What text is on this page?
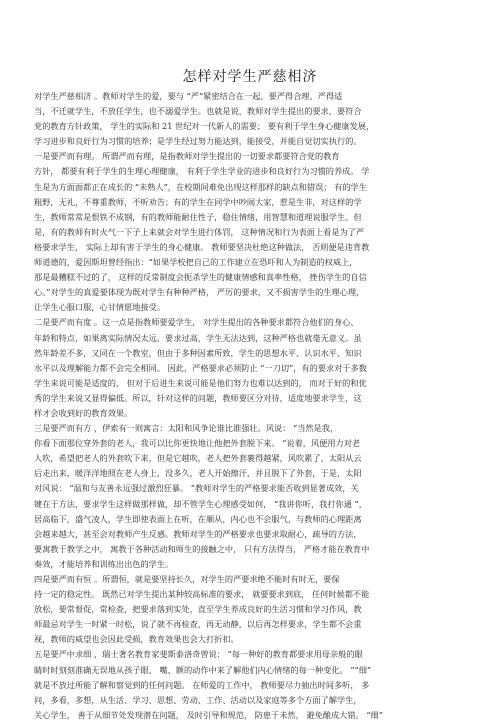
怎样对学生严慈相济
对学生严慈相济 。教师对学生的爱，要与 “严”紧密结合在一起，要严得合理，严得适
当，不迁就学生，不放任学生，也不溺爱学生。也就是说，教师对学生提出的要求，要符合
党的教育方针政策， 学生的实际和 21 世纪对一代新人的需要； 要有利于学生身心健康发展，
学习进步和良好行为习惯的培养；是学生经过努力能达到，能接受，并能自觉切实执行的。
一是要严而有理。 所谓严而有理，是指教师对学生提出的一切要求都要符合党的教育
方针， 都要有利于学生的生理心理健康， 有利于学生学业的进步和良好行为习惯的养成。 学
生是为方面面都正在成长的 “未熟人”，在校期间难免出现这样那样的缺点和错误； 有的学生
粗野，无礼，不尊重教师，不听劝告；有的学生在同学中吵闹大家，惹是生非，对这样的学
生，教师常常是恨铁不成钢，有的教师能耐住性子，稳住情绪，用智慧和道理说服学生。但
是，有的教师有时火气一下子上来就会对学生进行体罚， 这种情况和行为表面上看是为了严
格要求学生， 实际上却有害于学生的身心健康。 教师要坚决杜绝这种做法， 否则便是违背教
师道德的，爱因斯坦曾经指出：“如果学校把自己的工作建立在恐吓和人为制造的权威上，
那是最糟糕不过的了， 这样的反常制度会扼杀学生的健康情感和真率性格， 挫伤学生的自信
心。”对学生的真爱要体现为既对学生有种种严格， 严厉的要求，又不损害学生的生理心理，
让学生心服口服，心甘情愿地接受。
二是要严而有度 。这一点是指教师要爱学生， 对学生提出的各种要求都符合他们的身心、
年龄和特点，如果离实际情况太远，要求过高，学生无法达到，这种严格也就毫无意义。虽
然年龄差不多，又同在一个教室，但由于多种因素所致，学生的思想水平、认识水平、知识
水平以及理解能力都不会完全相同。 因此，严格要求必须防止 “一刀切”，有的要求对于多数
学生来说可能是适度的， 但对于后进生来说可能是他们努力也难以达到的， 而对于好的和优
秀的学生来说又显得偏低。所以，针对这样的问题，教师要区分对待，适度地要求学生，这
样才会收到好的教育效果。
三是要严而有方 ，伊索有一则寓言：太阳和风争论谁比谁强壮。风说： “当然是我，
你看下面那位穿外套的老人，我可以比你更快地让他把外套脱下来。 ”说着，风便用力对老
人吹，希望把老人的外套吹下来，但是它越吹，老人把外套裹得越紧，风吹累了，太阳从云
后走出来，暖洋洋地照在老人身上，没多久，老人开始擦汗，并且脱下了外套，于是，太阳
对风说： “温和与友善永远强过激烈狂暴。 ”教师对学生的严格要求能否收到显著成效，关
键在于方法，要求学生这样做那样做，却不管学生心理感受如何， “我讲你听，我打你通 ”，
居高临下，盛气凌人，学生即使表面上在听，在顺从，内心也不会服气，与教师的心理距离
会越来越大，甚至会对教师产生反感。教师对学生的严格要求也要求取耐心，疏导的方法，
要寓教于教学之中， 寓教于各种活动和师生的接触之中， 只有方法得当， 严格才能在教育中
奏效，才能培养和训练出出色的学生。
四是要严而有恒 。所谓恒，就是要坚持长久，对学生的严要求绝不能时有时无，要保
持一定的稳定性。 既然已对学生提出某种较高标准的要求， 就要要求到底， 任何时候都不能
放松，要常督促，常检查，把要求落到实处，直至学生养成良好的生活习惯和学习作风，教
师最忌对学生一时紧一时松，说了就不再检查，再无动静，以后再怎样要求，学生都不会重
视，教师的威望也会因此受损，教育效果也会大打折扣。
五是要严中求细 ，瑞士著名教育家斐斯泰洛奇曾说： “每一种好的教育都要求用母亲般的眼
睛时时刻刻准确无误地从孩子眼、 嘴、额的动作中来了解他们内心情绪的每一种变化。 ”“细”
就是不放过所能了解和察觉到的任何问题。 在师爱的工作中， 教师要尽力抽出时间多听， 多
问，多看，多想，从生活、学习、思想、劳动、工作、活动以及家庭等多个方面了解学生，
关心学生， 善于从细节处发现潜在问题， 及时引导和规范， 防患于未然， 避免酿成大错。 “细”
